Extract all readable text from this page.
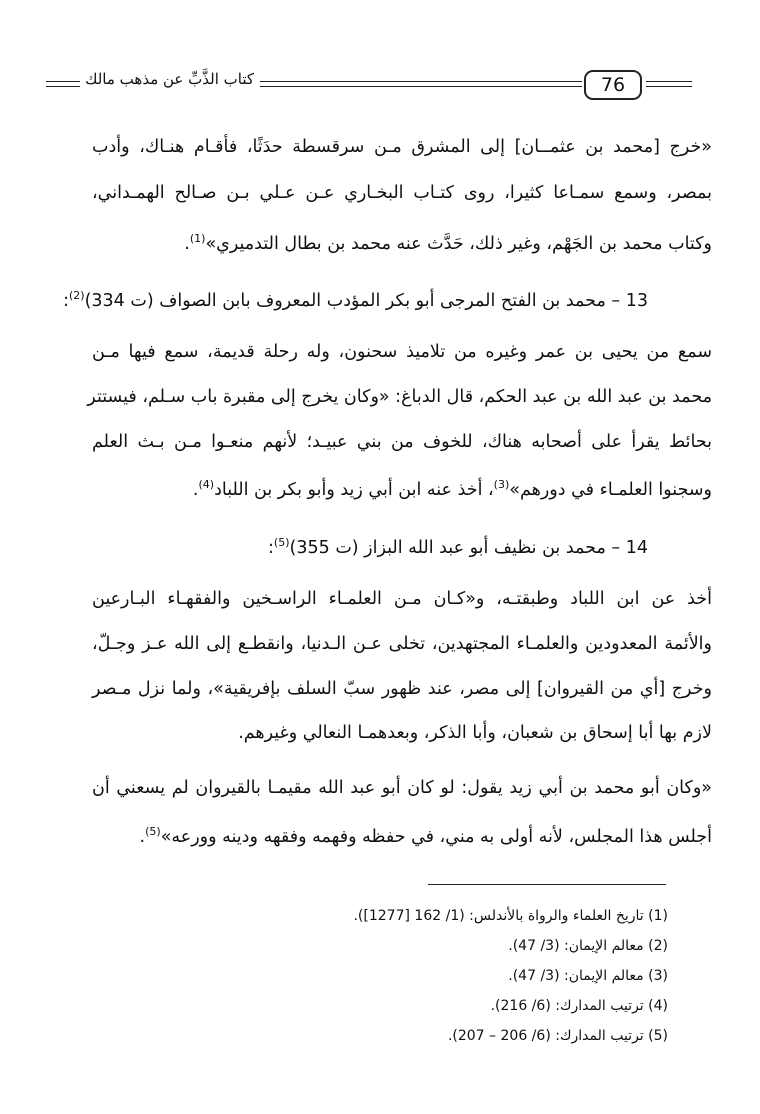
كتاب الذَّبِّ عن مذهب مالك	76
«خرج [محمد بن عثمــان] إلى المشرق مـن سرقسطة حدَثًا، فأقـام هنـاك، وأدب
بمصر، وسمع سمـاعا كثيرا، روى كتـاب البخـاري عـن عـلي بـن صـالح الهمـداني،
وكتاب محمد بن الجَهْم، وغير ذلك، حَدَّث عنه محمد بن بطال التدميري»$^{(1)}$.
13 – محمد بن الفتح المرجى أبو بكر المؤدب المعروف بابن الصواف (ت 334)$^{(2)}$:
سمع من يحيى بن عمر وغيره من تلاميذ سحنون، وله رحلة قديمة، سمع فيها مـن
محمد بن عبد الله بن عبد الحكم، قال الدباغ: «وكان يخرج إلى مقبرة باب سـلم، فيستتر
بحائط يقرأ على أصحابه هناك، للخوف من بني عبيـد؛ لأنهم منعـوا مـن بـث العلم
وسجنوا العلمـاء في دورهم»$^{(3)}$، أخذ عنه ابن أبي زيد وأبو بكر بن اللباد$^{(4)}$.
14 – محمد بن نظيف أبو عبد الله البزاز (ت 355)$^{(5)}$:
أخذ عن ابن اللباد وطبقتـه، و«كـان مـن العلمـاء الراسـخين والفقهـاء البـارعين
والأئمة المعدودين والعلمـاء المجتهدين، تخلى عـن الـدنيا، وانقطـع إلى الله عـز وجـلّ،
وخرج [أي من القيروان] إلى مصر، عند ظهور سبّ السلف بإفريقية»، ولما نزل مـصر
لازم بها أبا إسحاق بن شعبان، وأبا الذكر، وبعدهمـا النعالي وغيرهم.
«وكان أبو محمد بن أبي زيد يقول: لو كان أبو عبد الله مقيمـا بالقيروان لم يسعني أن
أجلس هذا المجلس، لأنه أولى به مني، في حفظه وفهمه وفقهه ودينه وورعه»$^{(5)}$.
(1) تاريخ العلماء والرواة بالأندلس: (1/ 162 [1277]).
(2) معالم الإيمان: (3/ 47).
(3) معالم الإيمان: (3/ 47).
(4) ترتيب المدارك: (6/ 216).
(5) ترتيب المدارك: (6/ 206 – 207).
